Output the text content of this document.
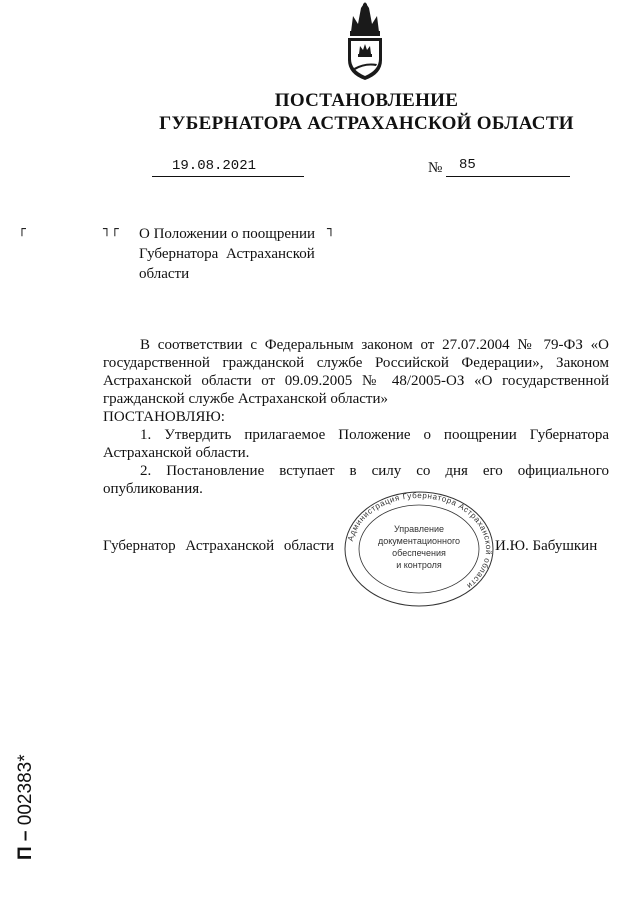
ПОСТАНОВЛЕНИЕ
ГУБЕРНАТОРА АСТРАХАНСКОЙ ОБЛАСТИ
19.08.2021	№ 85
┌	┐┌	┐
О Положении о поощрении
Губернатора Астраханской
области

В соответствии с Федеральным законом от 27.07.2004 № 79-ФЗ «О государственной гражданской службе Российской Федерации», Законом Астраханской области от 09.09.2005 № 48/2005-ОЗ «О государственной гражданской службе Астраханской области»

ПОСТАНОВЛЯЮ:

1. Утвердить прилагаемое Положение о поощрении Губернатора Астраханской области.

2. Постановление вступает в силу со дня его официального опубликования.

Губернатор Астраханской области	И.Ю. Бабушкин
Администрация Губернатора Астраханской области
Управление
документационного
обеспечения
и контроля
П – 002383*
